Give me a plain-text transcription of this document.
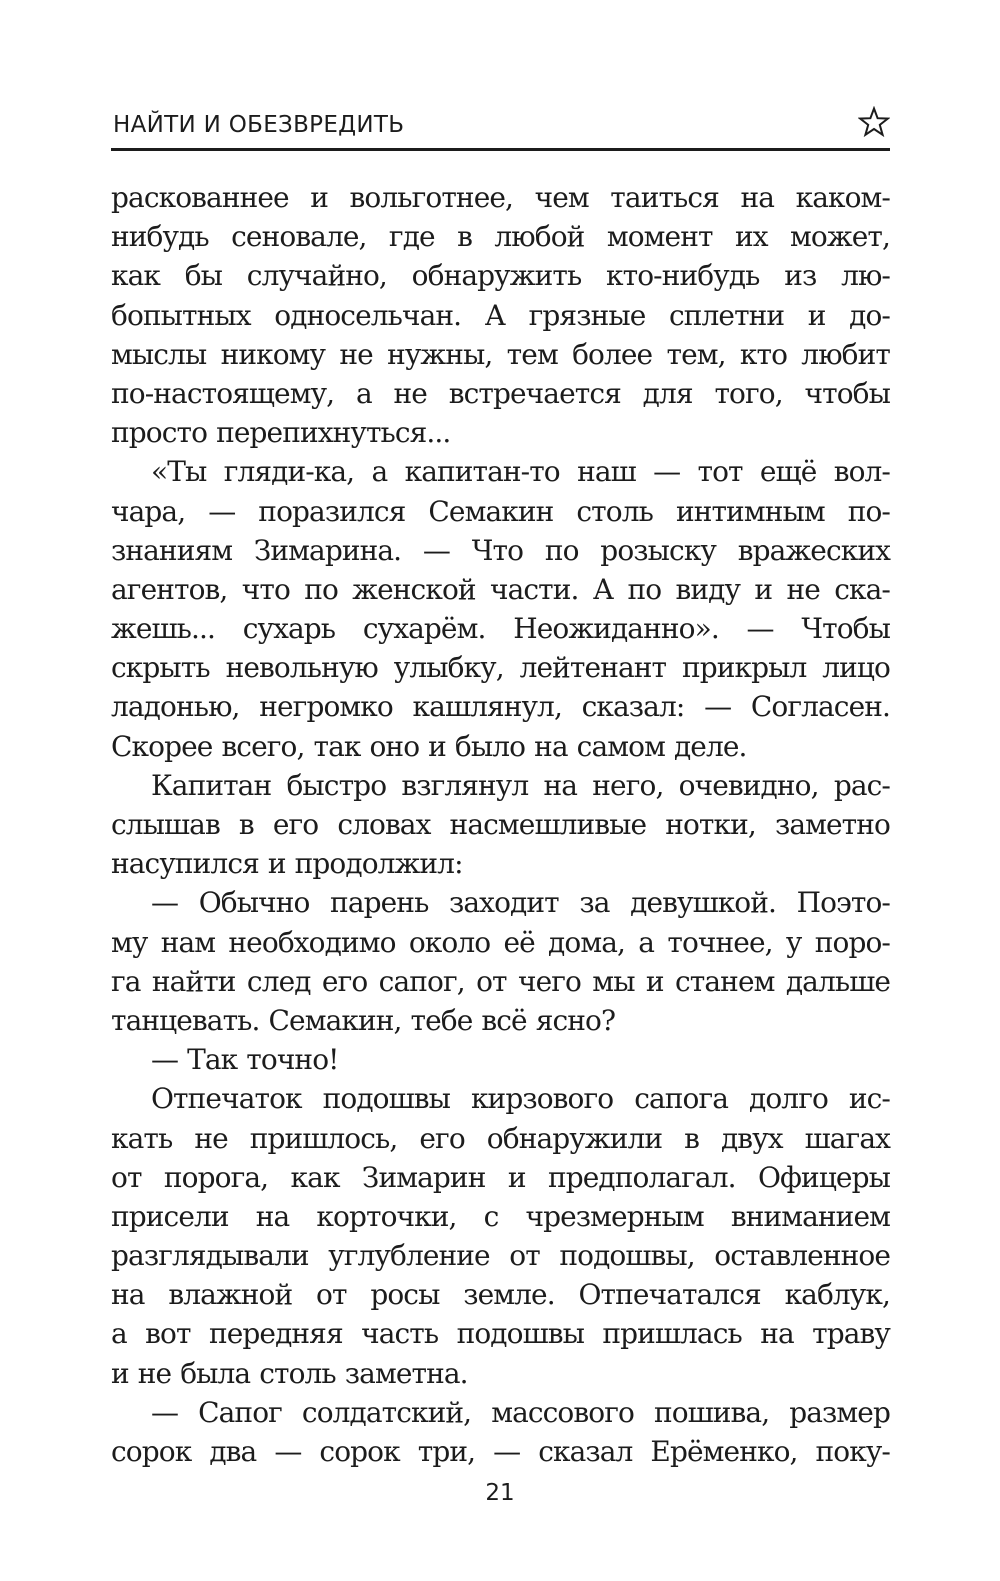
НАЙТИ И ОБЕЗВРЕДИТЬ
раскованнее и вольготнее, чем таиться на каком-
нибудь сеновале, где в любой момент их может,
как бы случайно, обнаружить кто-нибудь из лю-
бопытных односельчан. А грязные сплетни и до-
мыслы никому не нужны, тем более тем, кто любит
по-настоящему, а не встречается для того, чтобы
просто перепихнуться...
«Ты гляди-ка, а капитан-то наш — тот ещё вол-
чара, — поразился Семакин столь интимным по-
знаниям Зимарина. — Что по розыску вражеских
агентов, что по женской части. А по виду и не ска-
жешь... сухарь сухарём. Неожиданно». — Чтобы
скрыть невольную улыбку, лейтенант прикрыл лицо
ладонью, негромко кашлянул, сказал: — Согласен.
Скорее всего, так оно и было на самом деле.
Капитан быстро взглянул на него, очевидно, рас-
слышав в его словах насмешливые нотки, заметно
насупился и продолжил:
— Обычно парень заходит за девушкой. Поэто-
му нам необходимо около её дома, а точнее, у поро-
га найти след его сапог, от чего мы и станем дальше
танцевать. Семакин, тебе всё ясно?
— Так точно!
Отпечаток подошвы кирзового сапога долго ис-
кать не пришлось, его обнаружили в двух шагах
от порога, как Зимарин и предполагал. Офицеры
присели на корточки, с чрезмерным вниманием
разглядывали углубление от подошвы, оставленное
на влажной от росы земле. Отпечатался каблук,
а вот передняя часть подошвы пришлась на траву
и не была столь заметна.
— Сапог солдатский, массового пошива, размер
сорок два — сорок три, — сказал Ерёменко, поку-
21
